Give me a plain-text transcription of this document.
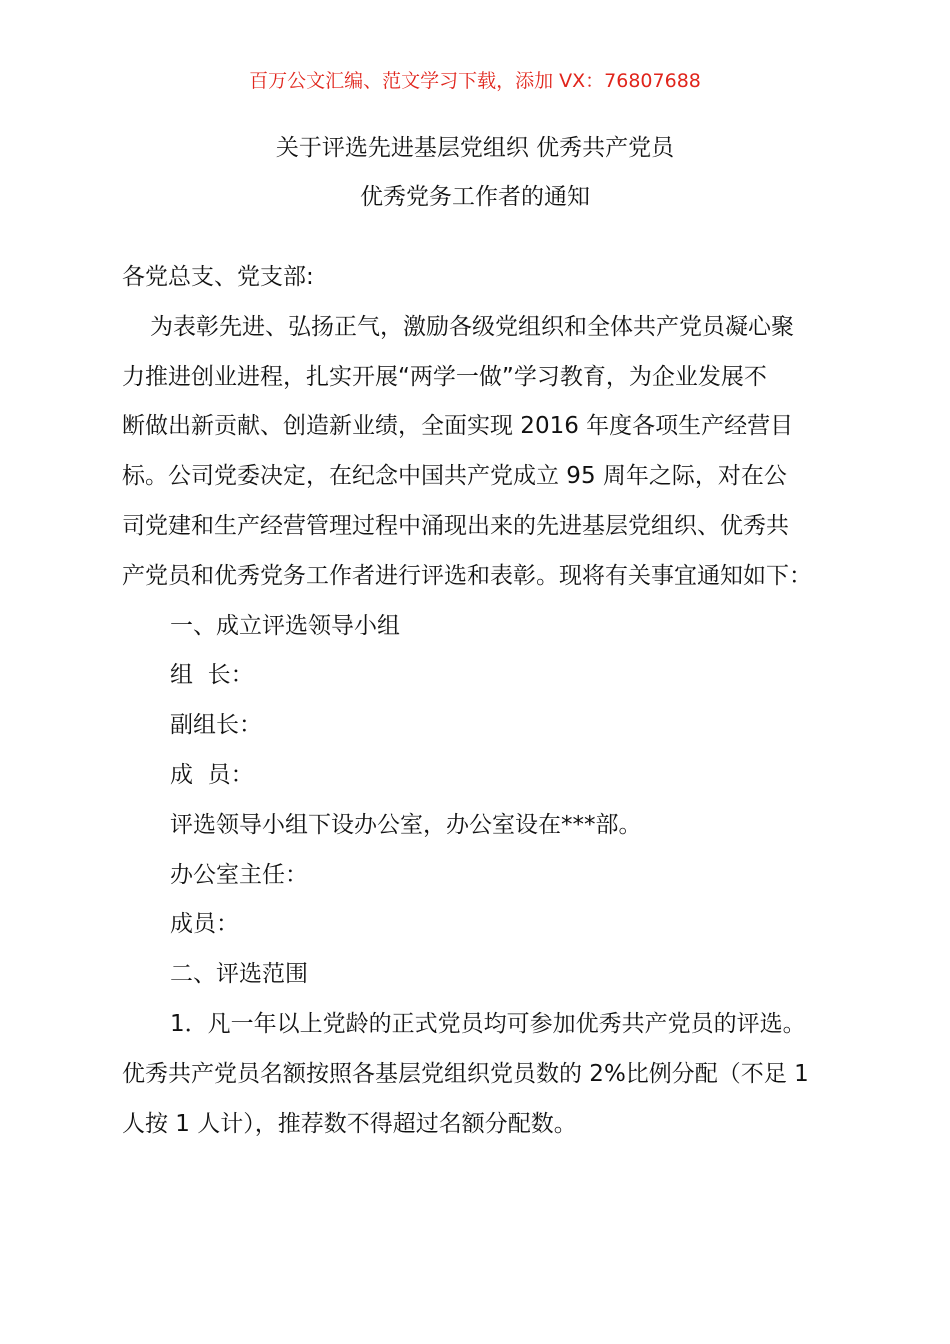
百万公文汇编、范文学习下载，添加 VX：76807688
关于评选先进基层党组织 优秀共产党员
优秀党务工作者的通知
各党总支、党支部:
为表彰先进、弘扬正气，激励各级党组织和全体共产党员凝心聚
力推进创业进程，扎实开展“两学一做”学习教育，为企业发展不
断做出新贡献、创造新业绩，全面实现 2016 年度各项生产经营目
标。公司党委决定，在纪念中国共产党成立 95 周年之际，对在公
司党建和生产经营管理过程中涌现出来的先进基层党组织、优秀共
产党员和优秀党务工作者进行评选和表彰。现将有关事宜通知如下：
一、成立评选领导小组
组  长：
副组长：
成  员：
评选领导小组下设办公室，办公室设在***部。
办公室主任：
成员：
二、评选范围
1．凡一年以上党龄的正式党员均可参加优秀共产党员的评选。
优秀共产党员名额按照各基层党组织党员数的 2%比例分配（不足 1
人按 1 人计），推荐数不得超过名额分配数。
